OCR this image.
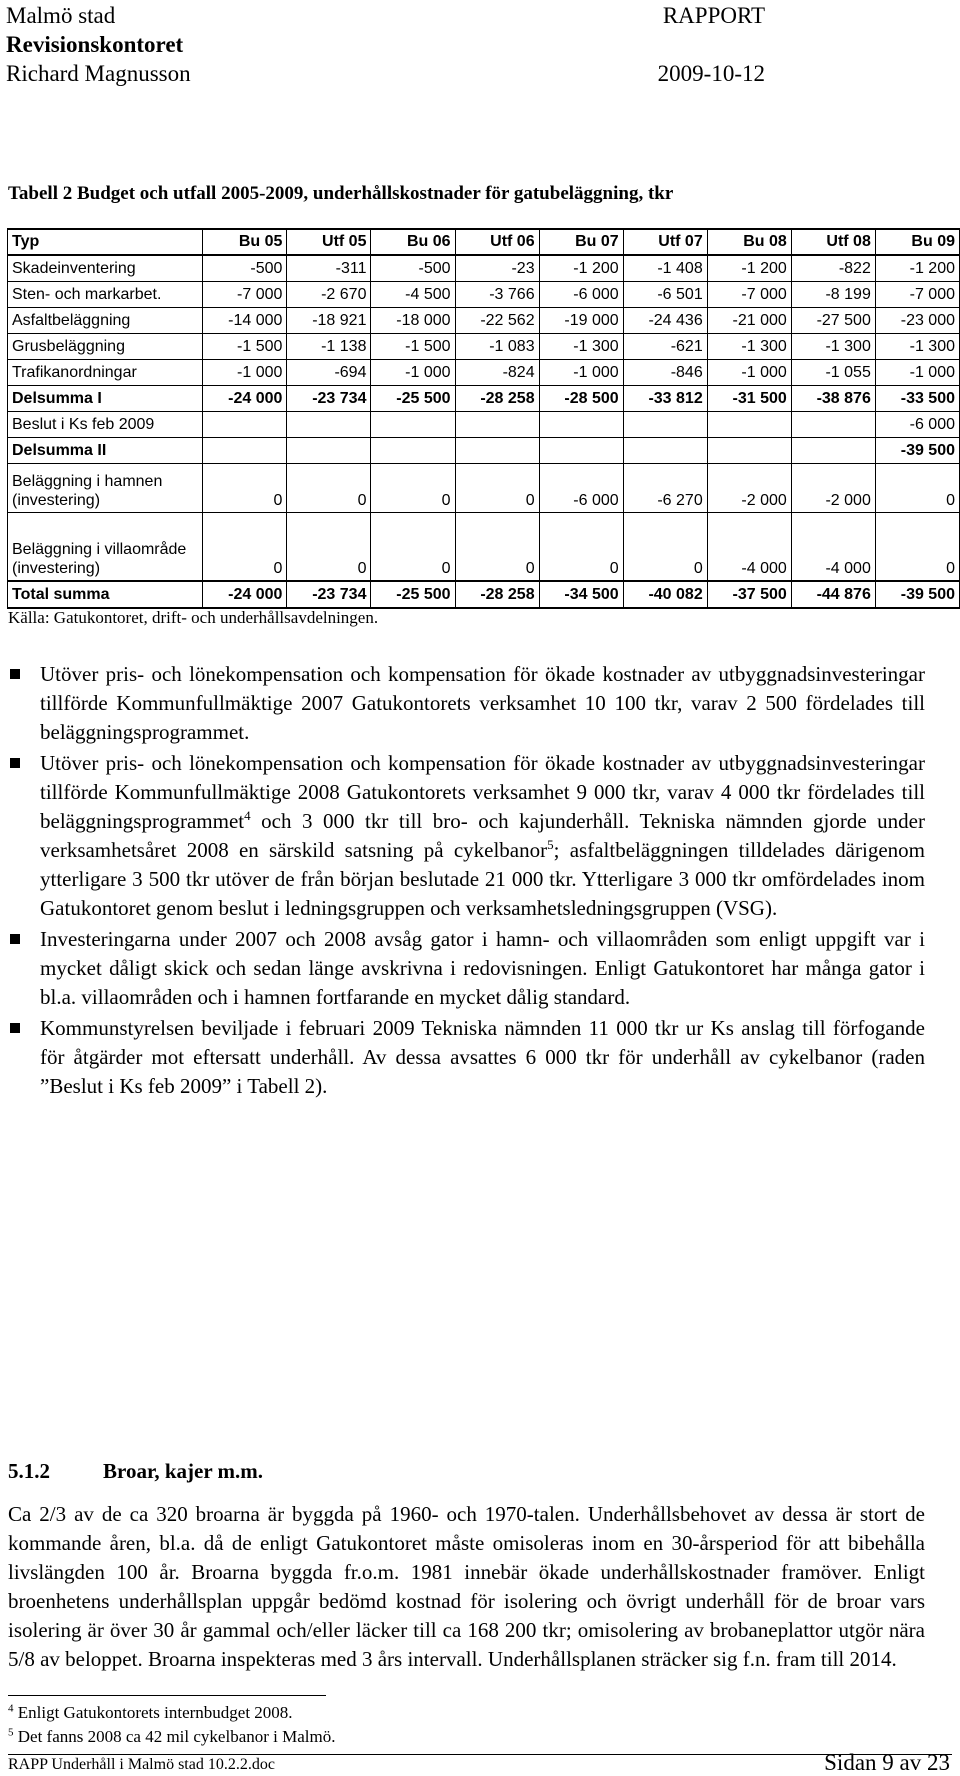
Malmö stad
Revisionskontoret
Richard Magnusson
RAPPORT

2009-10-12
Tabell 2 Budget och utfall 2005-2009, underhållskostnader för gatubeläggning, tkr
Typ	Bu 05	Utf 05	Bu 06	Utf 06	Bu 07	Utf 07	Bu 08	Utf 08	Bu 09
Skadeinventering	-500	-311	-500	-23	-1 200	-1 408	-1 200	-822	-1 200
Sten- och markarbet.	-7 000	-2 670	-4 500	-3 766	-6 000	-6 501	-7 000	-8 199	-7 000
Asfaltbeläggning	-14 000	-18 921	-18 000	-22 562	-19 000	-24 436	-21 000	-27 500	-23 000
Grusbeläggning	-1 500	-1 138	-1 500	-1 083	-1 300	-621	-1 300	-1 300	-1 300
Trafikanordningar	-1 000	-694	-1 000	-824	-1 000	-846	-1 000	-1 055	-1 000
Delsumma I	-24 000	-23 734	-25 500	-28 258	-28 500	-33 812	-31 500	-38 876	-33 500
Beslut i Ks feb 2009									-6 000
Delsumma II									-39 500
Beläggning i hamnen (investering)	0	0	0	0	-6 000	-6 270	-2 000	-2 000	0
Beläggning i villaområde (investering)	0	0	0	0	0	0	-4 000	-4 000	0
Total summa	-24 000	-23 734	-25 500	-28 258	-34 500	-40 082	-37 500	-44 876	-39 500
Källa: Gatukontoret, drift- och underhållsavdelningen.
Utöver pris- och lönekompensation och kompensation för ökade kostnader av utbyggnadsinvesteringar tillförde Kommunfullmäktige 2007 Gatukontorets verksamhet 10 100 tkr, varav 2 500 fördelades till beläggningsprogrammet.
Utöver pris- och lönekompensation och kompensation för ökade kostnader av utbyggnadsinvesteringar tillförde Kommunfullmäktige 2008 Gatukontorets verksamhet 9 000 tkr, varav 4 000 tkr fördelades till beläggningsprogrammet$^4$ och 3 000 tkr till bro- och kajunderhåll. Tekniska nämnden gjorde under verksamhetsåret 2008 en särskild satsning på cykelbanor$^5$; asfaltbeläggningen tilldelades därigenom ytterligare 3 500 tkr utöver de från början beslutade 21 000 tkr. Ytterligare 3 000 tkr omfördelades inom Gatukontoret genom beslut i ledningsgruppen och verksamhetsledningsgruppen (VSG).
Investeringarna under 2007 och 2008 avsåg gator i hamn- och villaområden som enligt uppgift var i mycket dåligt skick och sedan länge avskrivna i redovisningen. Enligt Gatukontoret har många gator i bl.a. villaområden och i hamnen fortfarande en mycket dålig standard.
Kommunstyrelsen beviljade i februari 2009 Tekniska nämnden 11 000 tkr ur Ks anslag till förfogande för åtgärder mot eftersatt underhåll. Av dessa avsattes 6 000 tkr för underhåll av cykelbanor (raden ”Beslut i Ks feb 2009” i Tabell 2).
5.1.2	Broar, kajer m.m.
Ca 2/3 av de ca 320 broarna är byggda på 1960- och 1970-talen. Underhållsbehovet av dessa är stort de kommande åren, bl.a. då de enligt Gatukontoret måste omisoleras inom en 30-årsperiod för att bibehålla livslängden 100 år. Broarna byggda fr.o.m. 1981 innebär ökade underhållskostnader framöver. Enligt broenhetens underhållsplan uppgår bedömd kostnad för isolering och övrigt underhåll för de broar vars isolering är över 30 år gammal och/eller läcker till ca 168 200 tkr; omisolering av brobaneplattor utgör nära 5/8 av beloppet. Broarna inspekteras med 3 års intervall. Underhållsplanen sträcker sig f.n. fram till 2014.
$^4$ Enligt Gatukontorets internbudget 2008.
$^5$ Det fanns 2008 ca 42 mil cykelbanor i Malmö.
RAPP Underhåll i Malmö stad 10.2.2.doc	Sidan 9 av 23
